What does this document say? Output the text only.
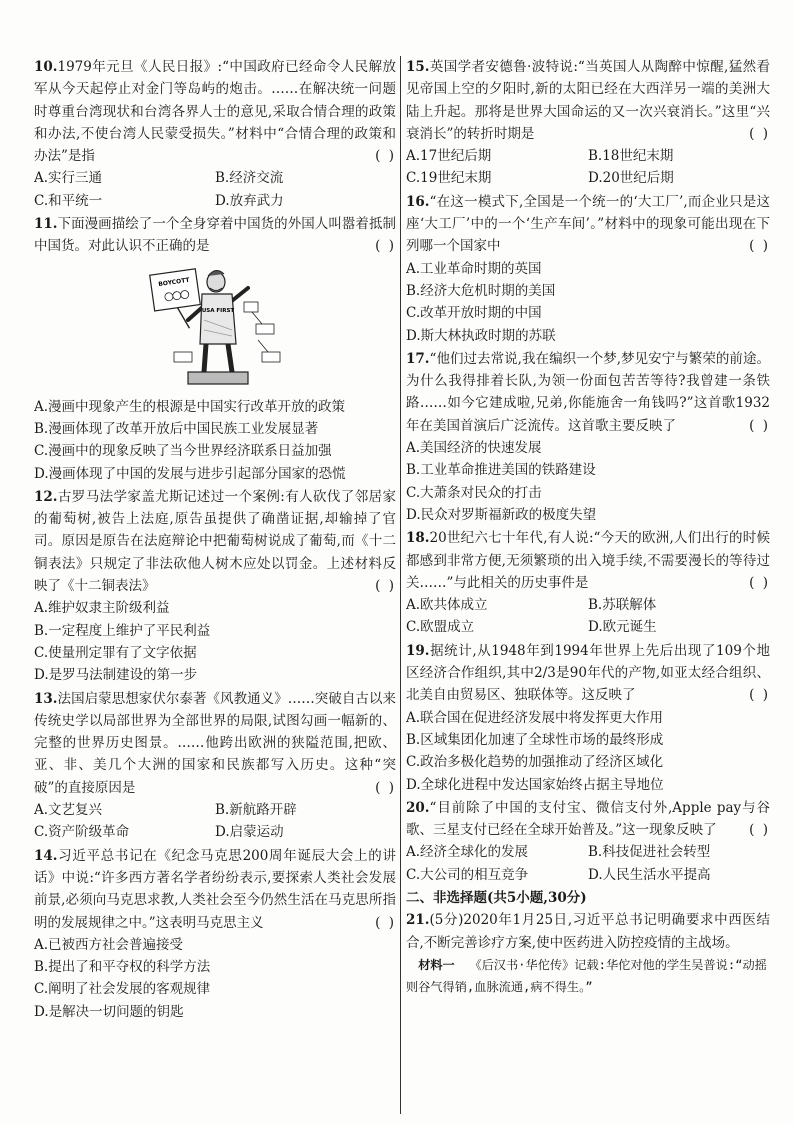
10.1979年元旦《人民日报》:“中国政府已经命令人民解放军从今天起停止对金门等岛屿的炮击。……在解决统一问题时尊重台湾现状和台湾各界人士的意见,采取合情合理的政策和办法,不使台湾人民蒙受损失。”材料中“合情合理的政策和办法”是指	( )
A.实行三通	B.经济交流
C.和平统一	D.放弃武力
11.下面漫画描绘了一个全身穿着中国货的外国人叫嚣着抵制中国货。对此认识不正确的是	( )
BOYCOTT
USA FIRST
A.漫画中现象产生的根源是中国实行改革开放的政策
B.漫画体现了改革开放后中国民族工业发展显著
C.漫画中的现象反映了当今世界经济联系日益加强
D.漫画体现了中国的发展与进步引起部分国家的恐慌
12.古罗马法学家盖尤斯记述过一个案例:有人砍伐了邻居家的葡萄树,被告上法庭,原告虽提供了确凿证据,却输掉了官司。原因是原告在法庭辩论中把葡萄树说成了葡萄,而《十二铜表法》只规定了非法砍他人树木应处以罚金。上述材料反映了《十二铜表法》	( )
A.维护奴隶主阶级利益
B.一定程度上维护了平民利益
C.使量刑定罪有了文字依据
D.是罗马法制建设的第一步
13.法国启蒙思想家伏尔泰著《风教通义》……突破自古以来传统史学以局部世界为全部世界的局限,试图勾画一幅新的、完整的世界历史图景。……他跨出欧洲的狭隘范围,把欧、亚、非、美几个大洲的国家和民族都写入历史。这种“突破”的直接原因是	( )
A.文艺复兴	B.新航路开辟
C.资产阶级革命	D.启蒙运动
14.习近平总书记在《纪念马克思200周年诞辰大会上的讲话》中说:“许多西方著名学者纷纷表示,要探索人类社会发展前景,必须向马克思求教,人类社会至今仍然生活在马克思所指明的发展规律之中。”这表明马克思主义	( )
A.已被西方社会普遍接受
B.提出了和平夺权的科学方法
C.阐明了社会发展的客观规律
D.是解决一切问题的钥匙
15.英国学者安德鲁·波特说:“当英国人从陶醉中惊醒,猛然看见帝国上空的夕阳时,新的太阳已经在大西洋另一端的美洲大陆上升起。那将是世界大国命运的又一次兴衰消长。”这里“兴衰消长”的转折时期是	( )
A.17世纪后期	B.18世纪末期
C.19世纪末期	D.20世纪后期
16.“在这一模式下,全国是一个统一的‘大工厂’,而企业只是这座‘大工厂’中的一个‘生产车间’。”材料中的现象可能出现在下列哪一个国家中	( )
A.工业革命时期的英国
B.经济大危机时期的美国
C.改革开放时期的中国
D.斯大林执政时期的苏联
17.“他们过去常说,我在编织一个梦,梦见安宁与繁荣的前途。为什么我得排着长队,为领一份面包苦苦等待?我曾建一条铁路……如今它建成啦,兄弟,你能施舍一角钱吗?”这首歌1932年在美国首演后广泛流传。这首歌主要反映了	( )
A.美国经济的快速发展
B.工业革命推进美国的铁路建设
C.大萧条对民众的打击
D.民众对罗斯福新政的极度失望
18.20世纪六七十年代,有人说:“今天的欧洲,人们出行的时候都感到非常方便,无须繁琐的出入境手续,不需要漫长的等待过关……”与此相关的历史事件是	( )
A.欧共体成立	B.苏联解体
C.欧盟成立	D.欧元诞生
19.据统计,从1948年到1994年世界上先后出现了109个地区经济合作组织,其中2/3是90年代的产物,如亚太经合组织、北美自由贸易区、独联体等。这反映了	( )
A.联合国在促进经济发展中将发挥更大作用
B.区域集团化加速了全球性市场的最终形成
C.政治多极化趋势的加强推动了经济区域化
D.全球化进程中发达国家始终占据主导地位
20.“目前除了中国的支付宝、微信支付外,Apple pay与谷歌、三星支付已经在全球开始普及。”这一现象反映了 ( )
A.经济全球化的发展	B.科技促进社会转型
C.大公司的相互竞争	D.人民生活水平提高
二、非选择题(共5小题,30分)
21.(5分)2020年1月25日,习近平总书记明确要求中西医结合,不断完善诊疗方案,使中医药进入防控疫情的主战场。
材料一 《后汉书·华佗传》记载:华佗对他的学生吴普说:“动摇则谷气得销,血脉流通,病不得生。”
